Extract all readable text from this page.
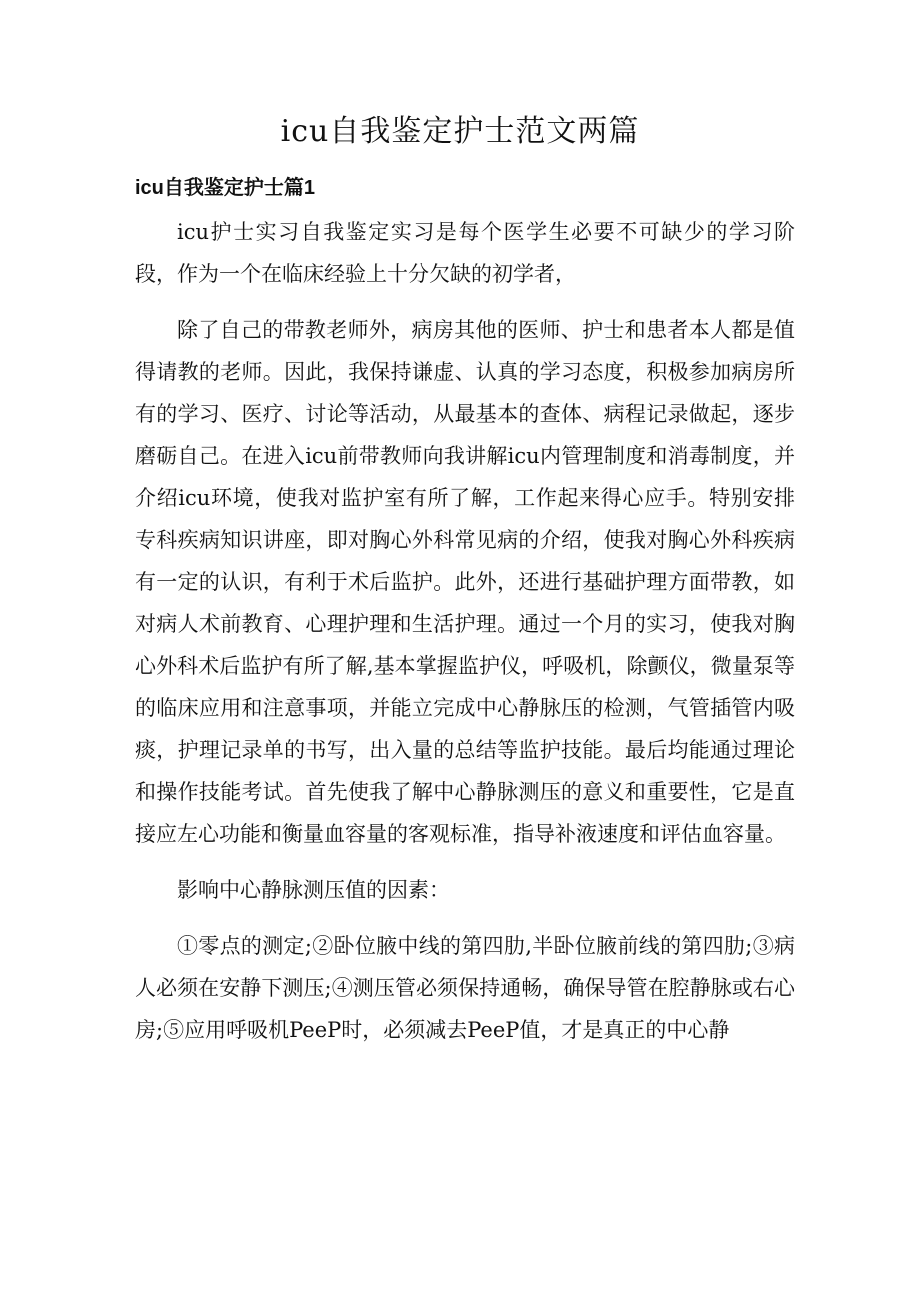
icu自我鉴定护士范文两篇
icu自我鉴定护士篇1

icu护士实习自我鉴定实习是每个医学生必要不可缺少的学习阶段，作为一个在临床经验上十分欠缺的初学者，

除了自己的带教老师外，病房其他的医师、护士和患者本人都是值得请教的老师。因此，我保持谦虚、认真的学习态度，积极参加病房所有的学习、医疗、讨论等活动，从最基本的查体、病程记录做起，逐步磨砺自己。在进入icu前带教师向我讲解icu内管理制度和消毒制度，并介绍icu环境，使我对监护室有所了解，工作起来得心应手。特别安排专科疾病知识讲座，即对胸心外科常见病的介绍，使我对胸心外科疾病有一定的认识，有利于术后监护。此外，还进行基础护理方面带教，如对病人术前教育、心理护理和生活护理。通过一个月的实习，使我对胸心外科术后监护有所了解,基本掌握监护仪，呼吸机，除颤仪，微量泵等的临床应用和注意事项，并能立完成中心静脉压的检测，气管插管内吸痰，护理记录单的书写，出入量的总结等监护技能。最后均能通过理论和操作技能考试。首先使我了解中心静脉测压的意义和重要性，它是直接应左心功能和衡量血容量的客观标准，指导补液速度和评估血容量。

影响中心静脉测压值的因素：

①零点的测定;②卧位腋中线的第四肋,半卧位腋前线的第四肋;③病人必须在安静下测压;④测压管必须保持通畅，确保导管在腔静脉或右心房;⑤应用呼吸机PeeP时，必须减去PeeP值，才是真正的中心静
